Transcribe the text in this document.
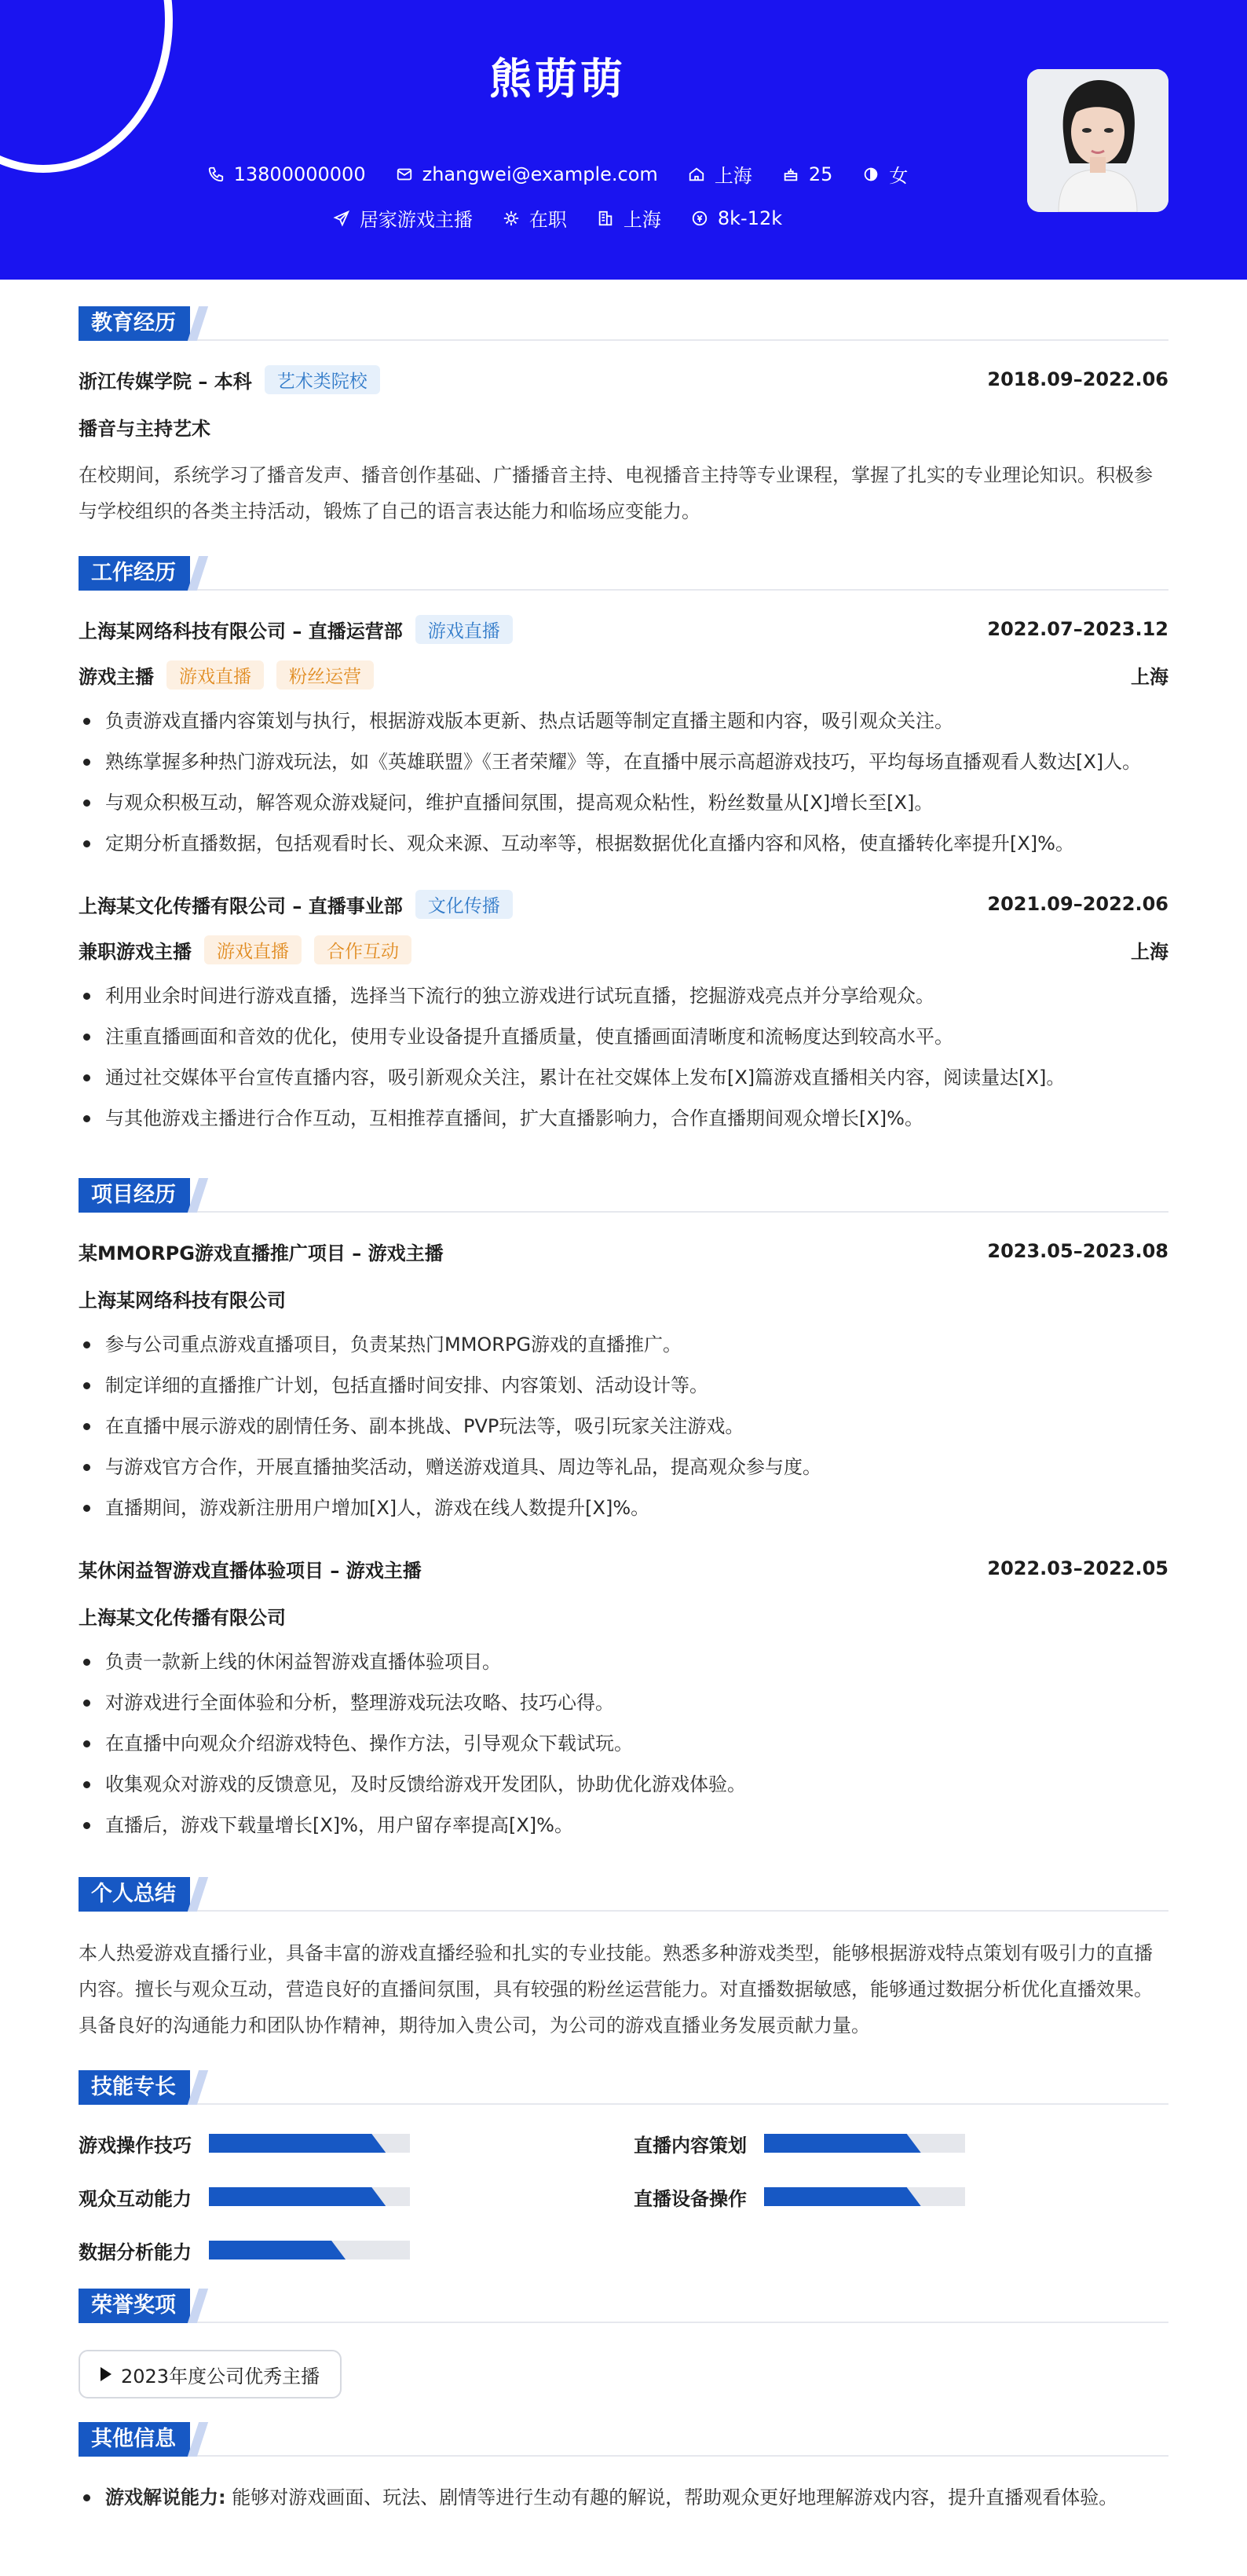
熊萌萌
13800000000	zhangwei@example.com	上海	25	女
居家游戏主播	在职	上海	8k-12k
教育经历
浙江传媒学院 – 本科	艺术类院校	2018.09–2022.06
播音与主持艺术
在校期间，系统学习了播音发声、播音创作基础、广播播音主持、电视播音主持等专业课程，掌握了扎实的专业理论知识。积极参与学校组织的各类主持活动，锻炼了自己的语言表达能力和临场应变能力。
工作经历
上海某网络科技有限公司 – 直播运营部	游戏直播	2022.07–2023.12
游戏主播	游戏直播	粉丝运营	上海
负责游戏直播内容策划与执行，根据游戏版本更新、热点话题等制定直播主题和内容，吸引观众关注。
熟练掌握多种热门游戏玩法，如《英雄联盟》《王者荣耀》等，在直播中展示高超游戏技巧，平均每场直播观看人数达[X]人。
与观众积极互动，解答观众游戏疑问，维护直播间氛围，提高观众粘性，粉丝数量从[X]增长至[X]。
定期分析直播数据，包括观看时长、观众来源、互动率等，根据数据优化直播内容和风格，使直播转化率提升[X]%。
上海某文化传播有限公司 – 直播事业部	文化传播	2021.09–2022.06
兼职游戏主播	游戏直播	合作互动	上海
利用业余时间进行游戏直播，选择当下流行的独立游戏进行试玩直播，挖掘游戏亮点并分享给观众。
注重直播画面和音效的优化，使用专业设备提升直播质量，使直播画面清晰度和流畅度达到较高水平。
通过社交媒体平台宣传直播内容，吸引新观众关注，累计在社交媒体上发布[X]篇游戏直播相关内容，阅读量达[X]。
与其他游戏主播进行合作互动，互相推荐直播间，扩大直播影响力，合作直播期间观众增长[X]%。
项目经历
某MMORPG游戏直播推广项目 – 游戏主播	2023.05–2023.08
上海某网络科技有限公司
参与公司重点游戏直播项目，负责某热门MMORPG游戏的直播推广。
制定详细的直播推广计划，包括直播时间安排、内容策划、活动设计等。
在直播中展示游戏的剧情任务、副本挑战、PVP玩法等，吸引玩家关注游戏。
与游戏官方合作，开展直播抽奖活动，赠送游戏道具、周边等礼品，提高观众参与度。
直播期间，游戏新注册用户增加[X]人，游戏在线人数提升[X]%。
某休闲益智游戏直播体验项目 – 游戏主播	2022.03–2022.05
上海某文化传播有限公司
负责一款新上线的休闲益智游戏直播体验项目。
对游戏进行全面体验和分析，整理游戏玩法攻略、技巧心得。
在直播中向观众介绍游戏特色、操作方法，引导观众下载试玩。
收集观众对游戏的反馈意见，及时反馈给游戏开发团队，协助优化游戏体验。
直播后，游戏下载量增长[X]%，用户留存率提高[X]%。
个人总结
本人热爱游戏直播行业，具备丰富的游戏直播经验和扎实的专业技能。熟悉多种游戏类型，能够根据游戏特点策划有吸引力的直播内容。擅长与观众互动，营造良好的直播间氛围，具有较强的粉丝运营能力。对直播数据敏感，能够通过数据分析优化直播效果。具备良好的沟通能力和团队协作精神，期待加入贵公司，为公司的游戏直播业务发展贡献力量。
技能专长
游戏操作技巧	直播内容策划
观众互动能力	直播设备操作
数据分析能力
荣誉奖项
2023年度公司优秀主播
其他信息
游戏解说能力: 能够对游戏画面、玩法、剧情等进行生动有趣的解说，帮助观众更好地理解游戏内容，提升直播观看体验。
